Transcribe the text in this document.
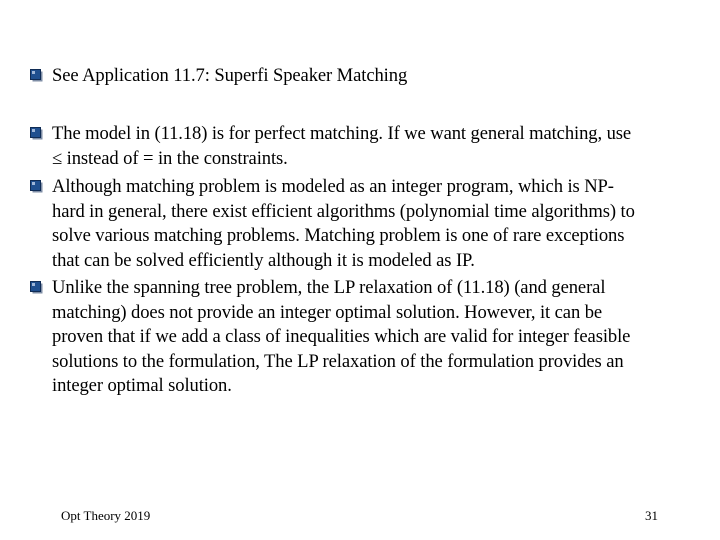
See Application 11.7: Superfi Speaker Matching
The model in (11.18) is for perfect matching. If we want general matching, use
≤ instead of = in the constraints.
Although matching problem is modeled as an integer program, which is NP-
hard in general, there exist efficient algorithms (polynomial time algorithms) to
solve various matching problems. Matching problem is one of rare exceptions
that can be solved efficiently although it is modeled as IP.
Unlike the spanning tree problem, the LP relaxation of (11.18) (and general
matching) does not provide an integer optimal solution. However, it can be
proven that if we add a class of inequalities which are valid for integer feasible
solutions to the formulation, The LP relaxation of the formulation provides an
integer optimal solution.
Opt Theory 2019	31
